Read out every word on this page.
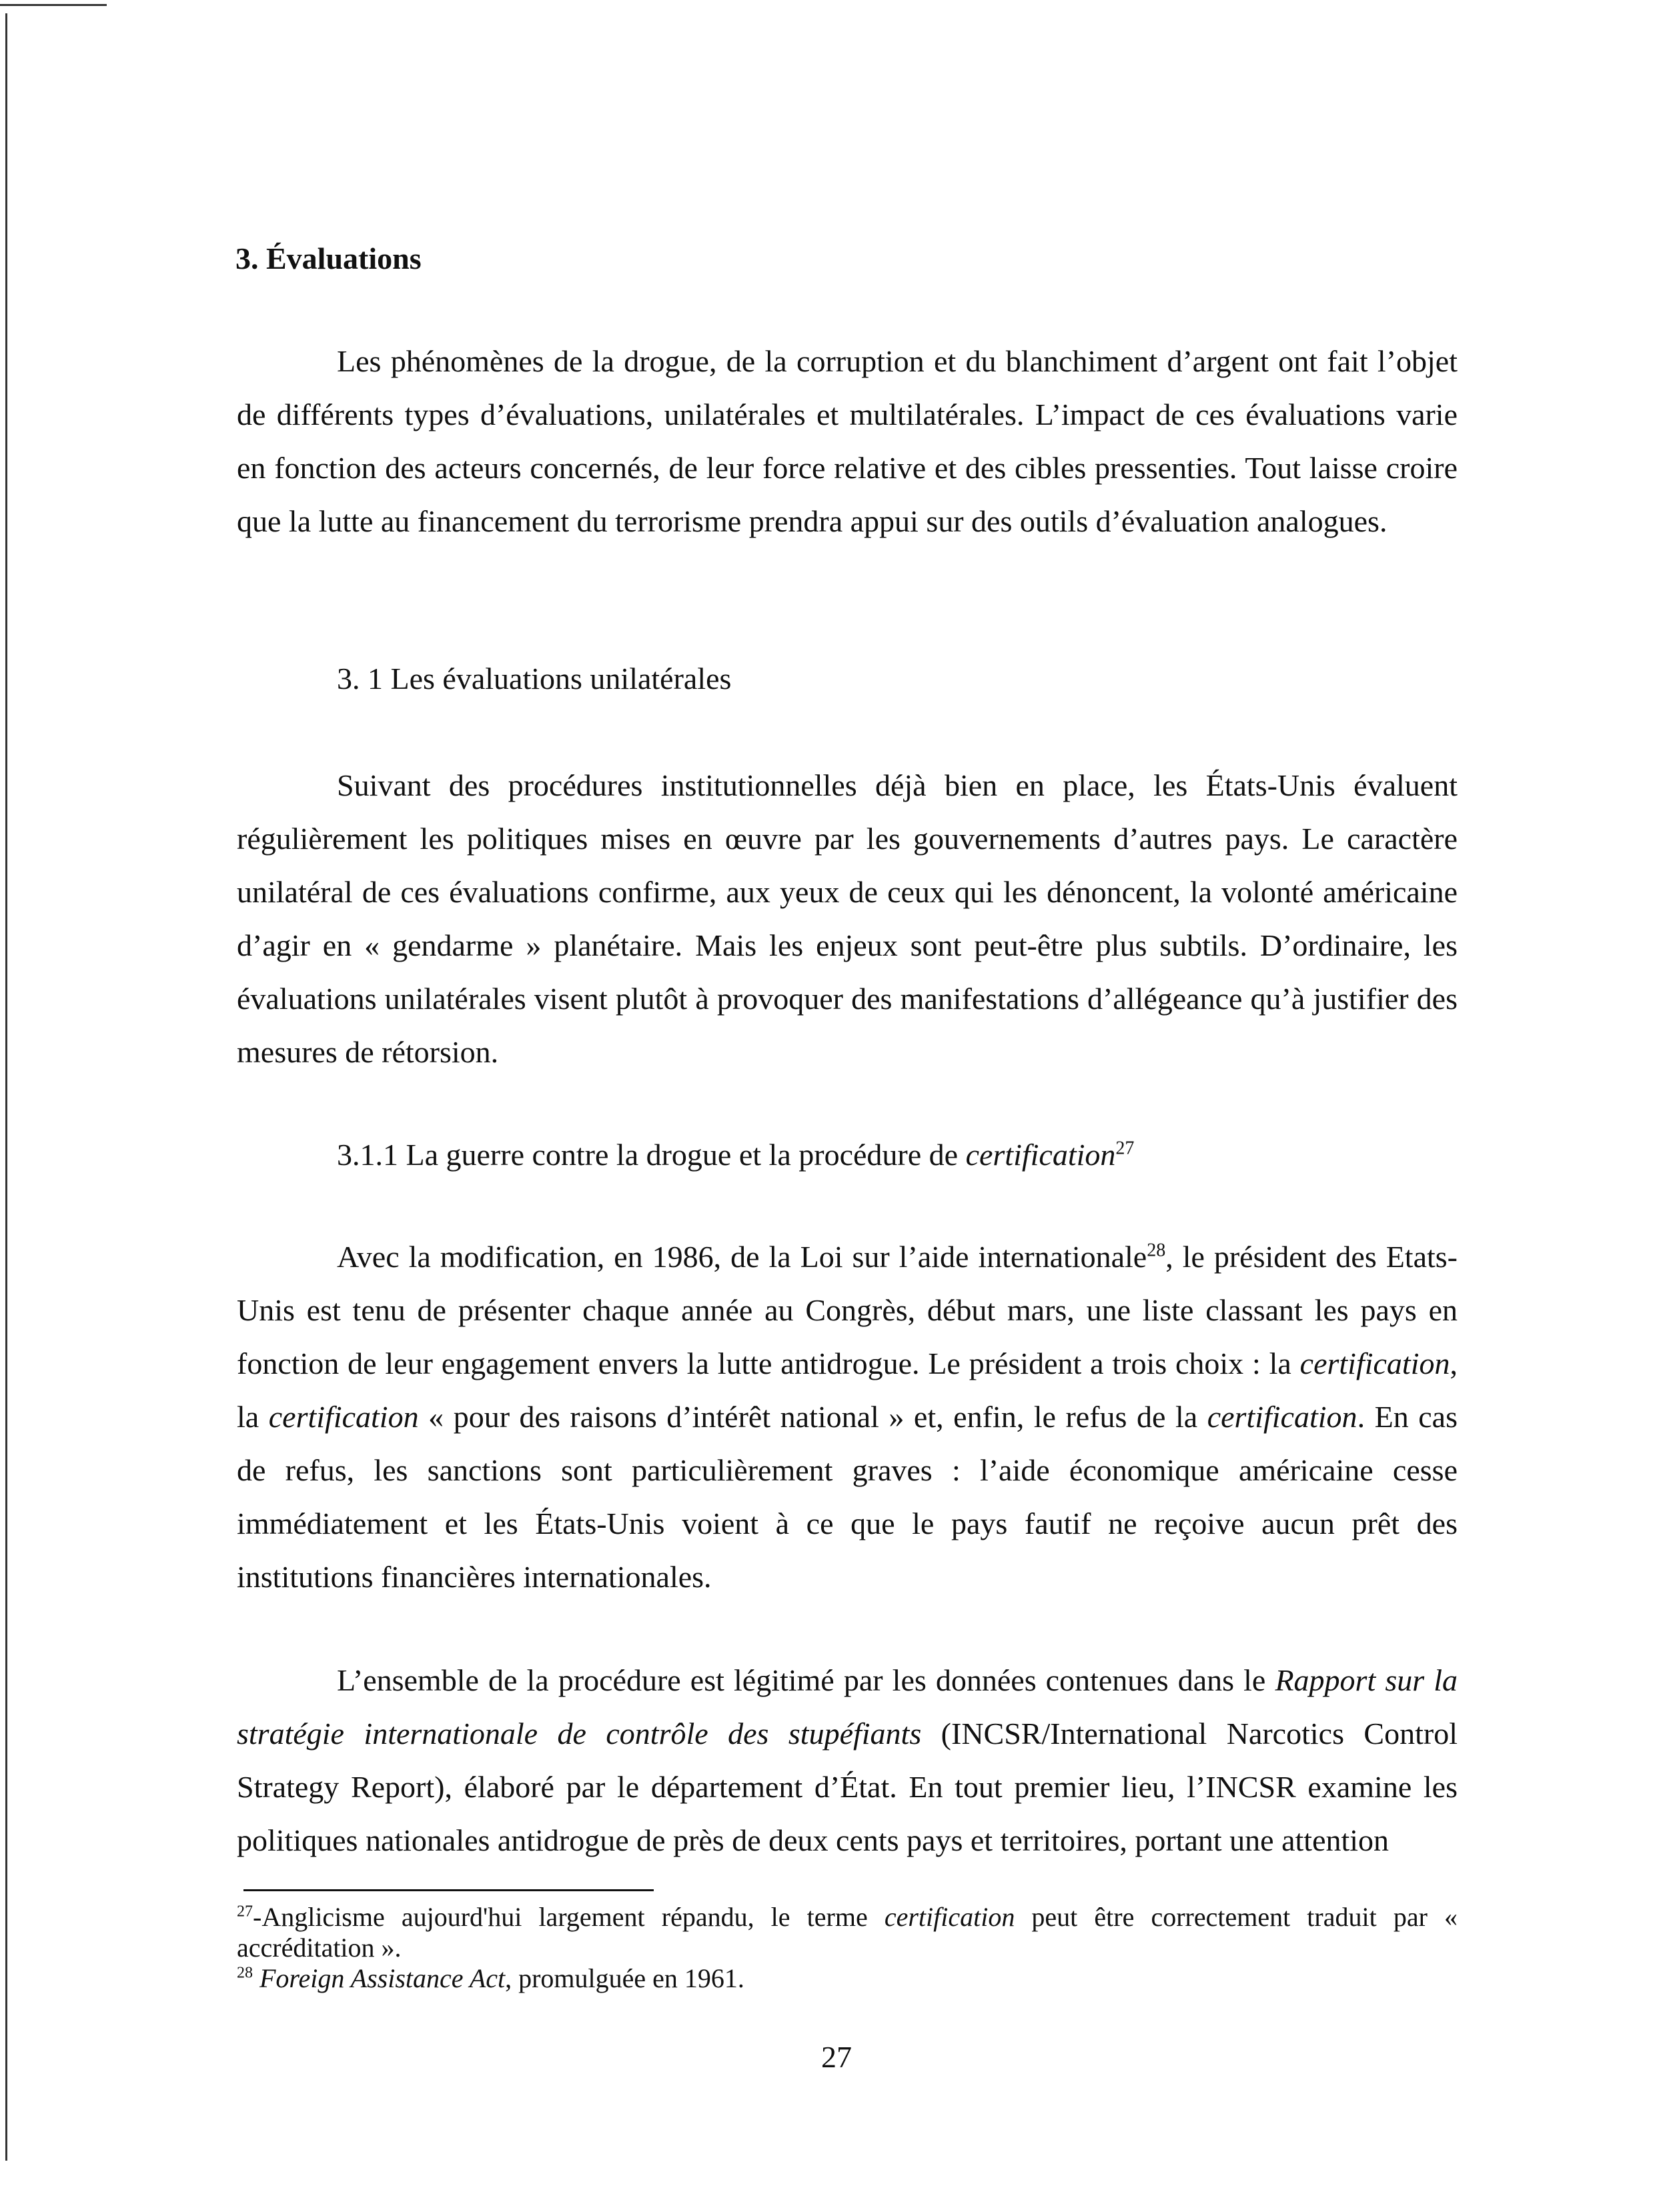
3. Évaluations
Les phénomènes de la drogue, de la corruption et du blanchiment d’argent ont fait l’objet de différents types d’évaluations, unilatérales et multilatérales. L’impact de ces évaluations varie en fonction des acteurs concernés, de leur force relative et des cibles pressenties. Tout laisse croire que la lutte au financement du terrorisme prendra appui sur des outils d’évaluation analogues.
3. 1 Les évaluations unilatérales
Suivant des procédures institutionnelles déjà bien en place, les États-Unis évaluent régulièrement les politiques mises en œuvre par les gouvernements d’autres pays. Le caractère unilatéral de ces évaluations confirme, aux yeux de ceux qui les dénoncent, la volonté américaine d’agir en « gendarme » planétaire. Mais les enjeux sont peut-être plus subtils. D’ordinaire, les évaluations unilatérales visent plutôt à provoquer des manifestations d’allégeance qu’à justifier des mesures de rétorsion.
3.1.1 La guerre contre la drogue et la procédure de certification$^{27}$
Avec la modification, en 1986, de la Loi sur l’aide internationale$^{28}$, le président des Etats-Unis est tenu de présenter chaque année au Congrès, début mars, une liste classant les pays en fonction de leur engagement envers la lutte antidrogue. Le président a trois choix : la certification, la certification « pour des raisons d’intérêt national » et, enfin, le refus de la certification. En cas de refus, les sanctions sont particulièrement graves : l’aide économique américaine cesse immédiatement et les États-Unis voient à ce que le pays fautif ne reçoive aucun prêt des institutions financières internationales.
L’ensemble de la procédure est légitimé par les données contenues dans le Rapport sur la stratégie internationale de contrôle des stupéfiants (INCSR/International Narcotics Control Strategy Report), élaboré par le département d’État. En tout premier lieu, l’INCSR examine les politiques nationales antidrogue de près de deux cents pays et territoires, portant une attention

$^{27}$-Anglicisme aujourd'hui largement répandu, le terme certification peut être correctement traduit par « accréditation ».

$^{28}$ Foreign Assistance Act, promulguée en 1961.

27
